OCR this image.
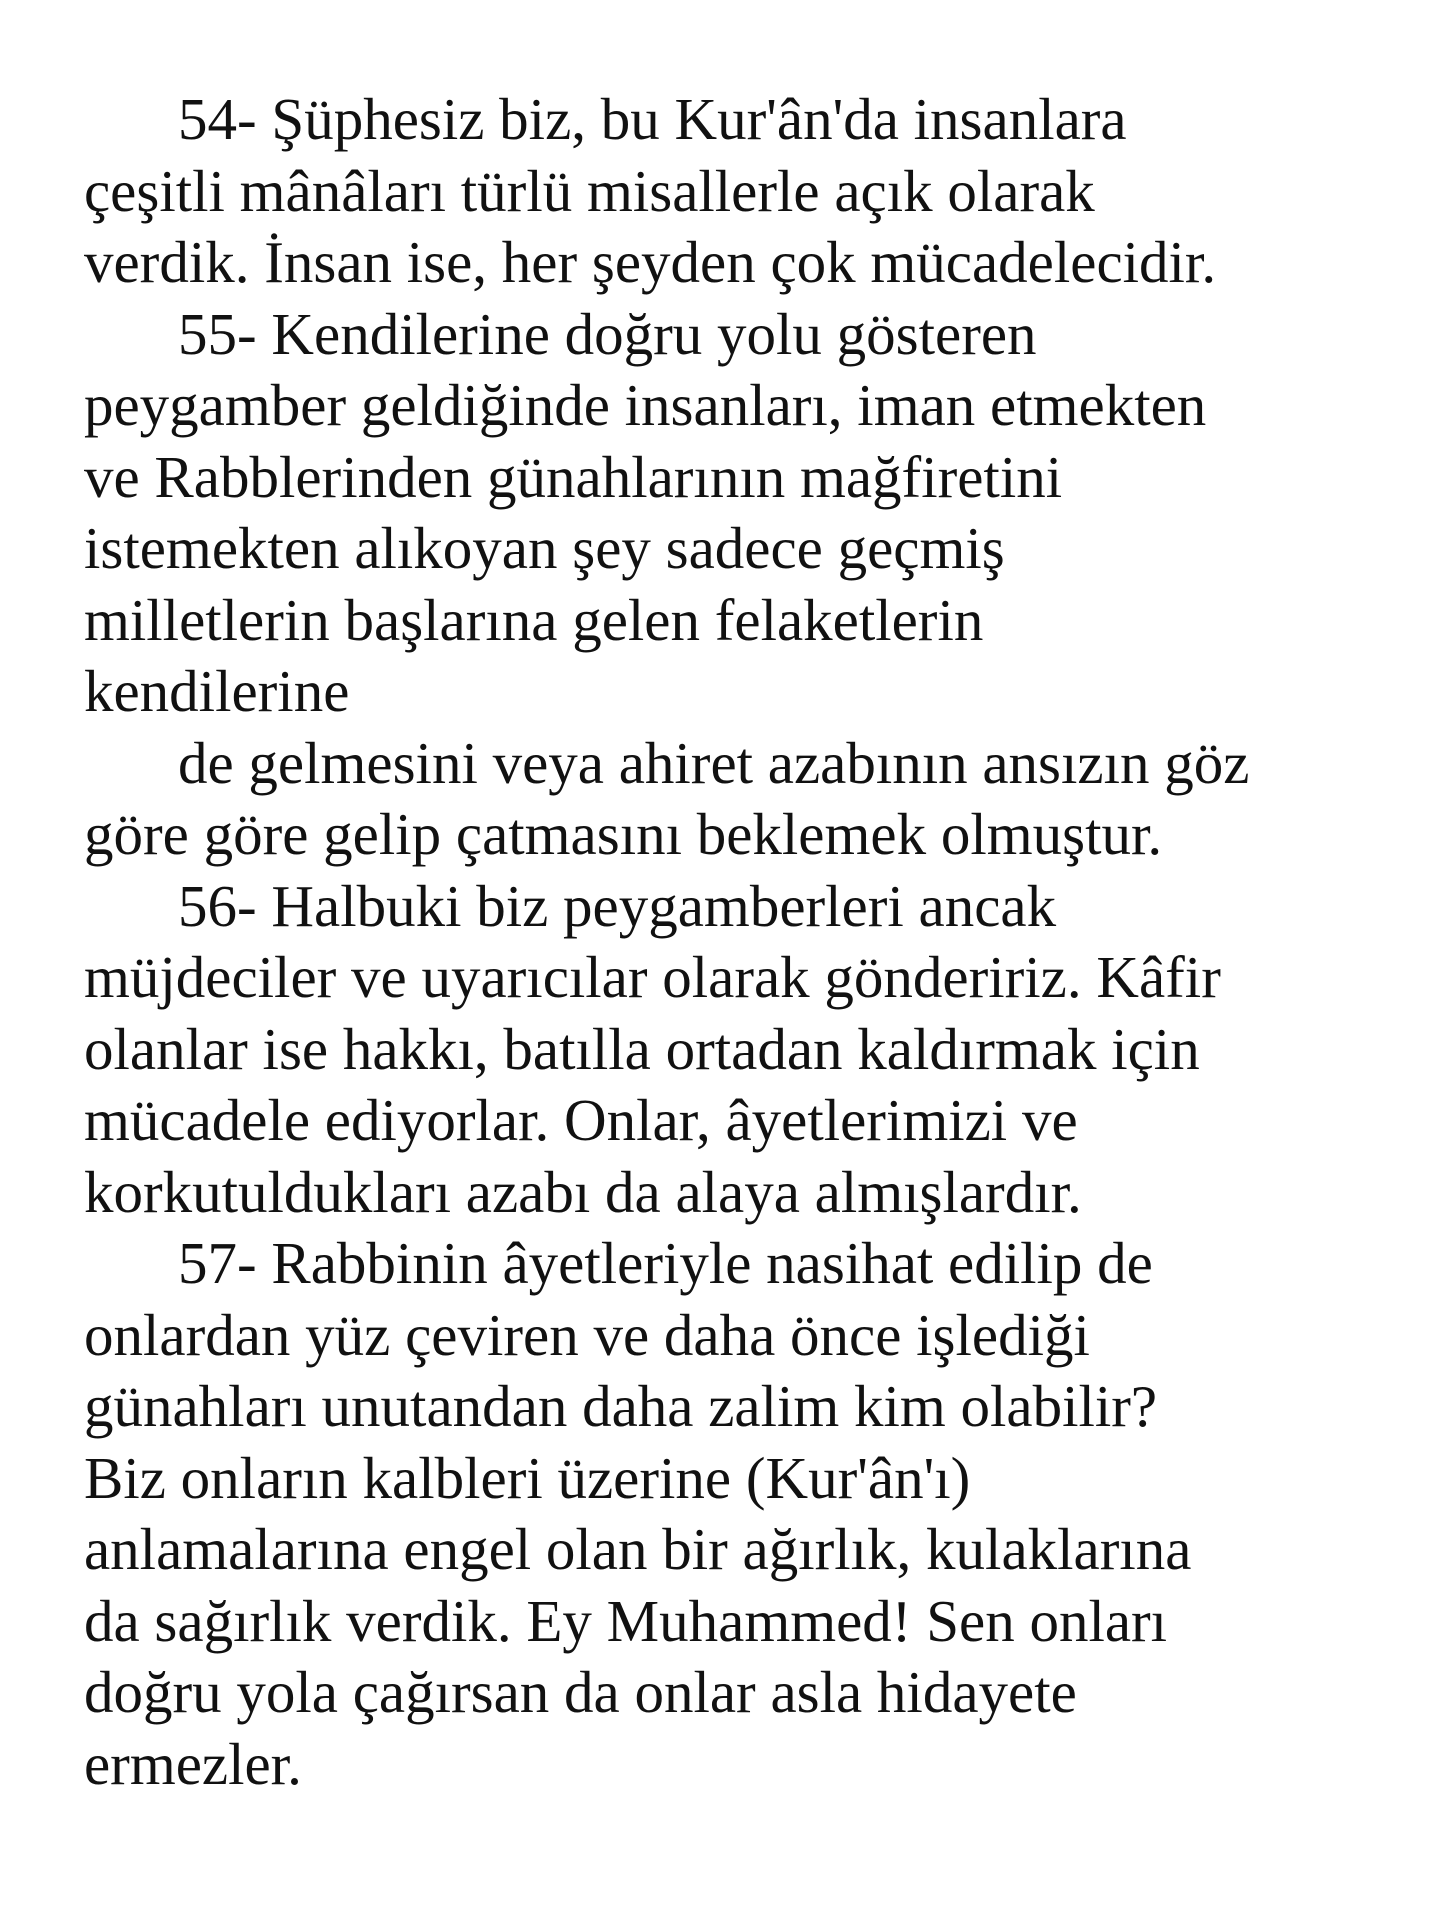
54- Şüphesiz biz, bu Kur'ân'da insanlara
çeşitli mânâları türlü misallerle açık olarak
verdik. İnsan ise, her şeyden çok mücadelecidir.
55- Kendilerine doğru yolu gösteren
peygamber geldiğinde insanları, iman etmekten
ve Rabblerinden günahlarının mağfiretini
istemekten alıkoyan şey sadece geçmiş
milletlerin başlarına gelen felaketlerin
kendilerine
de gelmesini veya ahiret azabının ansızın göz
göre göre gelip çatmasını beklemek olmuştur.
56- Halbuki biz peygamberleri ancak
müjdeciler ve uyarıcılar olarak göndeririz. Kâfir
olanlar ise hakkı, batılla ortadan kaldırmak için
mücadele ediyorlar. Onlar, âyetlerimizi ve
korkutuldukları azabı da alaya almışlardır.
57- Rabbinin âyetleriyle nasihat edilip de
onlardan yüz çeviren ve daha önce işlediği
günahları unutandan daha zalim kim olabilir?
Biz onların kalbleri üzerine (Kur'ân'ı)
anlamalarına engel olan bir ağırlık, kulaklarına
da sağırlık verdik. Ey Muhammed! Sen onları
doğru yola çağırsan da onlar asla hidayete
ermezler.
